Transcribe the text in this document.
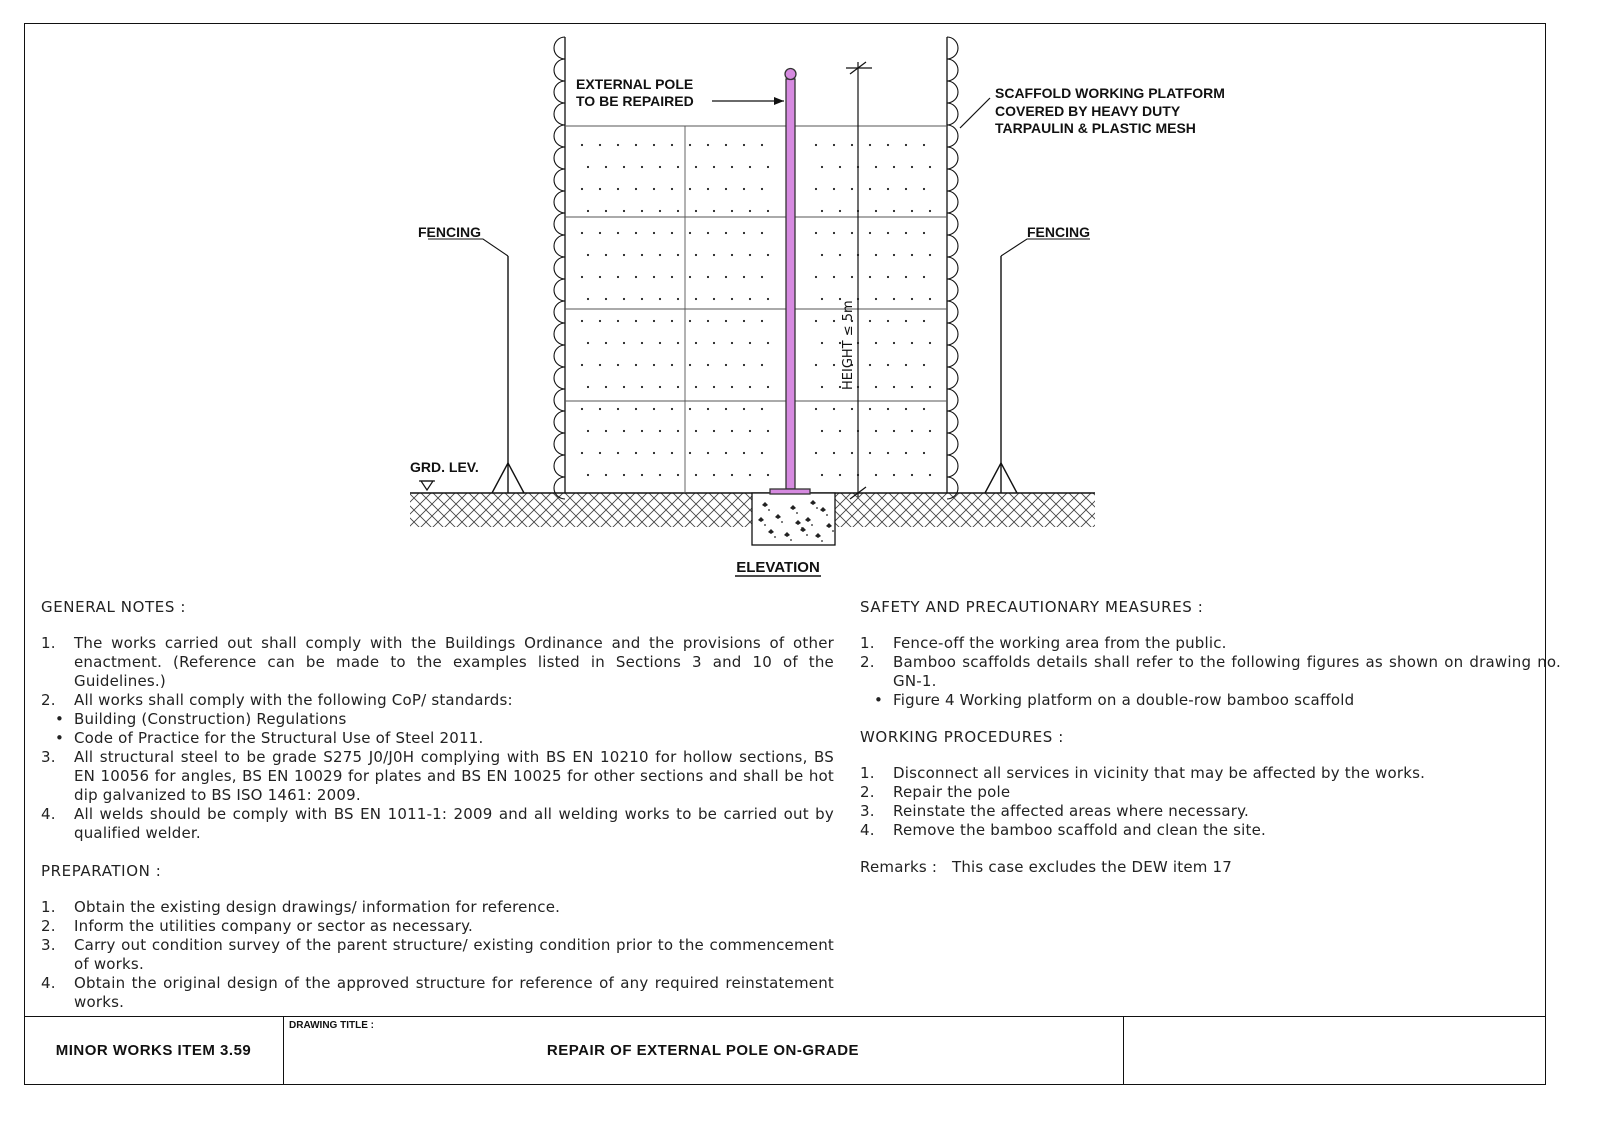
EXTERNAL POLE
TO BE REPAIRED	SCAFFOLD WORKING PLATFORM
COVERED BY HEAVY DUTY
TARPAULIN & PLASTIC MESH
HEIGHT ≤ 5m
FENCING	FENCING
GRD. LEV.
ELEVATION
GENERAL NOTES :
1. The works carried out shall comply with the Buildings Ordinance and the provisions of other enactment. (Reference can be made to the examples listed in Sections 3 and 10 of the Guidelines.)
2. All works shall comply with the following CoP/ standards:
• Building (Construction) Regulations
• Code of Practice for the Structural Use of Steel 2011.
3. All structural steel to be grade S275 J0/J0H complying with BS EN 10210 for hollow sections, BS EN 10056 for angles, BS EN 10029 for plates and BS EN 10025 for other sections and shall be hot dip galvanized to BS ISO 1461: 2009.
4. All welds should be comply with BS EN 1011-1: 2009 and all welding works to be carried out by qualified welder.
PREPARATION :
1. Obtain the existing design drawings/ information for reference.
2. Inform the utilities company or sector as necessary.
3. Carry out condition survey of the parent structure/ existing condition prior to the commencement of works.
4. Obtain the original design of the approved structure for reference of any required reinstatement works.
SAFETY AND PRECAUTIONARY MEASURES :
1. Fence-off the working area from the public.
2. Bamboo scaffolds details shall refer to the following figures as shown on drawing no. GN-1.
• Figure 4 Working platform on a double-row bamboo scaffold
WORKING PROCEDURES :
1. Disconnect all services in vicinity that may be affected by the works.
2. Repair the pole
3. Reinstate the affected areas where necessary.
4. Remove the bamboo scaffold and clean the site.
Remarks : This case excludes the DEW item 17
MINOR WORKS ITEM 3.59
DRAWING TITLE :
REPAIR OF EXTERNAL POLE ON-GRADE
